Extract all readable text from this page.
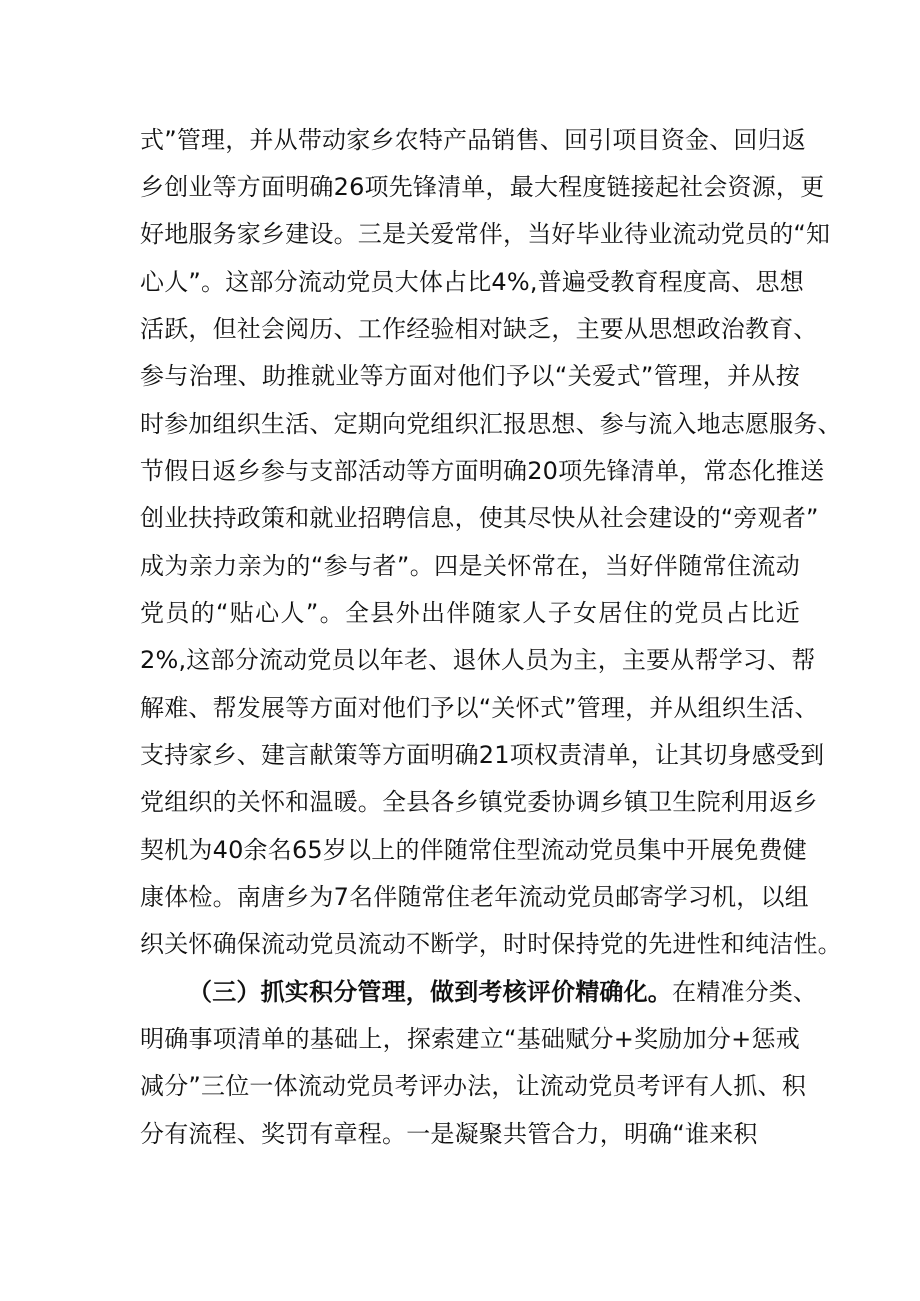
式”管理，并从带动家乡农特产品销售、回引项目资金、回归返
乡创业等方面明确26项先锋清单，最大程度链接起社会资源，更
好地服务家乡建设。三是关爱常伴，当好毕业待业流动党员的“知
心人”。这部分流动党员大体占比4%,普遍受教育程度高、思想
活跃，但社会阅历、工作经验相对缺乏，主要从思想政治教育、
参与治理、助推就业等方面对他们予以“关爱式”管理，并从按
时参加组织生活、定期向党组织汇报思想、参与流入地志愿服务、
节假日返乡参与支部活动等方面明确20项先锋清单，常态化推送
创业扶持政策和就业招聘信息，使其尽快从社会建设的“旁观者”
成为亲力亲为的“参与者”。四是关怀常在，当好伴随常住流动
党员的“贴心人”。全县外出伴随家人子女居住的党员占比近
2%,这部分流动党员以年老、退休人员为主，主要从帮学习、帮
解难、帮发展等方面对他们予以“关怀式”管理，并从组织生活、
支持家乡、建言献策等方面明确21项权责清单，让其切身感受到
党组织的关怀和温暖。全县各乡镇党委协调乡镇卫生院利用返乡
契机为40余名65岁以上的伴随常住型流动党员集中开展免费健
康体检。南唐乡为7名伴随常住老年流动党员邮寄学习机，以组
织关怀确保流动党员流动不断学，时时保持党的先进性和纯洁性。
（三）抓实积分管理，做到考核评价精确化。在精准分类、
明确事项清单的基础上，探索建立“基础赋分+奖励加分+惩戒
减分”三位一体流动党员考评办法，让流动党员考评有人抓、积
分有流程、奖罚有章程。一是凝聚共管合力，明确“谁来积
